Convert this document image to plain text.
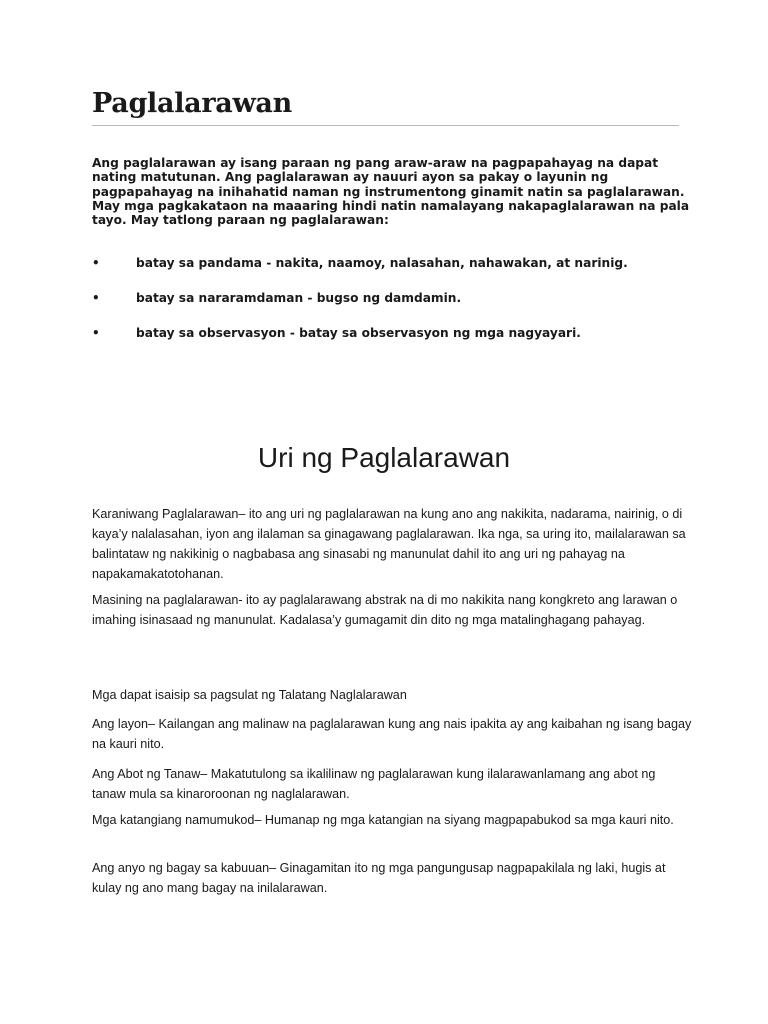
Paglalarawan

Ang paglalarawan ay isang paraan ng pang araw-araw na pagpapahayag na dapat nating matutunan. Ang paglalarawan ay nauuri ayon sa pakay o layunin ng pagpapahayag na inihahatid naman ng instrumentong ginamit natin sa paglalarawan. May mga pagkakataon na maaaring hindi natin namalayang nakapaglalarawan na pala tayo. May tatlong paraan ng paglalarawan:

•	batay sa pandama - nakita, naamoy, nalasahan, nahawakan, at narinig.
•	batay sa nararamdaman - bugso ng damdamin.
•	batay sa observasyon - batay sa observasyon ng mga nagyayari.
Uri ng Paglalarawan

Karaniwang Paglalarawan– ito ang uri ng paglalarawan na kung ano ang nakikita, nadarama, nairinig, o di kaya’y nalalasahan, iyon ang ilalaman sa ginagawang paglalarawan. Ika nga, sa uring ito, mailalarawan sa balintataw ng nakikinig o nagbabasa ang sinasabi ng manunulat dahil ito ang uri ng pahayag na napakamakatotohanan.

Masining na paglalarawan- ito ay paglalarawang abstrak na di mo nakikita nang kongkreto ang larawan o imahing isinasaad ng manunulat. Kadalasa’y gumagamit din dito ng mga matalinghagang pahayag.

Mga dapat isaisip sa pagsulat ng Talatang Naglalarawan

Ang layon– Kailangan ang malinaw na paglalarawan kung ang nais ipakita ay ang kaibahan ng isang bagay na kauri nito.

Ang Abot ng Tanaw– Makatutulong sa ikalilinaw ng paglalarawan kung ilalarawanlamang ang abot ng tanaw mula sa kinaroroonan ng naglalarawan.

Mga katangiang namumukod– Humanap ng mga katangian na siyang magpapabukod sa mga kauri nito.

Ang anyo ng bagay sa kabuuan– Ginagamitan ito ng mga pangungusap nagpapakilala ng laki, hugis at kulay ng ano mang bagay na inilalarawan.
